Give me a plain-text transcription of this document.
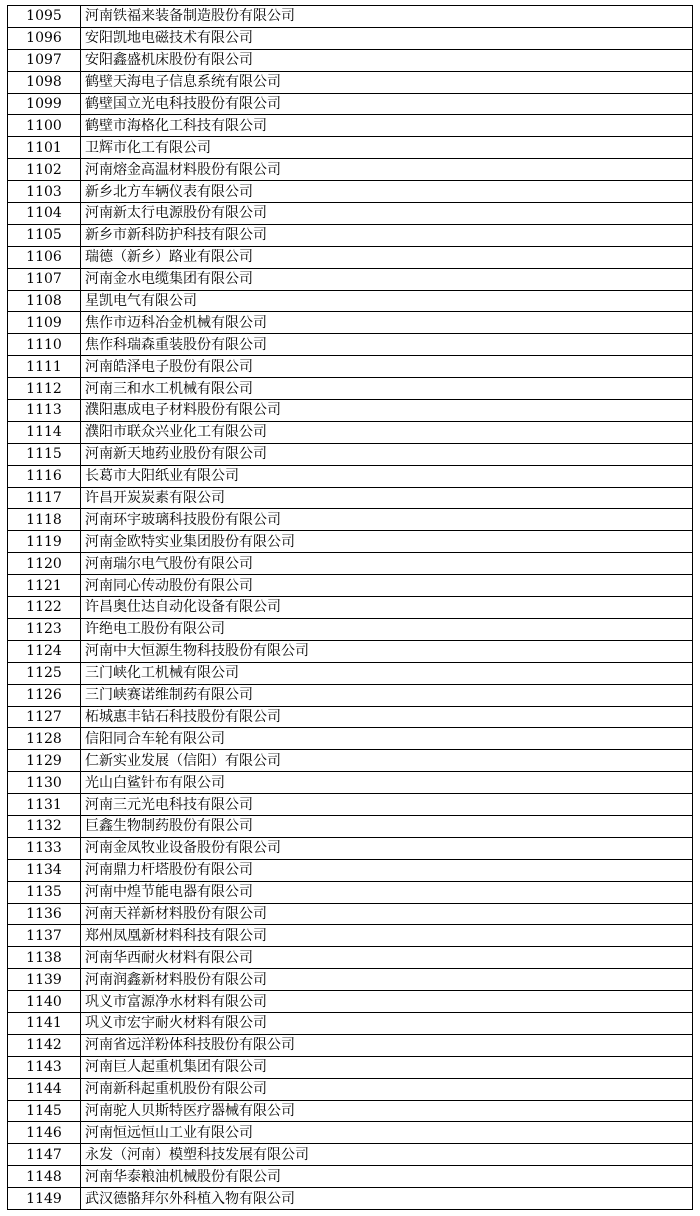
1095	河南铁福来装备制造股份有限公司
1096	安阳凯地电磁技术有限公司
1097	安阳鑫盛机床股份有限公司
1098	鹤壁天海电子信息系统有限公司
1099	鹤壁国立光电科技股份有限公司
1100	鹤壁市海格化工科技有限公司
1101	卫辉市化工有限公司
1102	河南熔金高温材料股份有限公司
1103	新乡北方车辆仪表有限公司
1104	河南新太行电源股份有限公司
1105	新乡市新科防护科技有限公司
1106	瑞德（新乡）路业有限公司
1107	河南金水电缆集团有限公司
1108	星凯电气有限公司
1109	焦作市迈科冶金机械有限公司
1110	焦作科瑞森重装股份有限公司
1111	河南皓泽电子股份有限公司
1112	河南三和水工机械有限公司
1113	濮阳惠成电子材料股份有限公司
1114	濮阳市联众兴业化工有限公司
1115	河南新天地药业股份有限公司
1116	长葛市大阳纸业有限公司
1117	许昌开炭炭素有限公司
1118	河南环宇玻璃科技股份有限公司
1119	河南金欧特实业集团股份有限公司
1120	河南瑞尔电气股份有限公司
1121	河南同心传动股份有限公司
1122	许昌奥仕达自动化设备有限公司
1123	许绝电工股份有限公司
1124	河南中大恒源生物科技股份有限公司
1125	三门峡化工机械有限公司
1126	三门峡赛诺维制药有限公司
1127	柘城惠丰钻石科技股份有限公司
1128	信阳同合车轮有限公司
1129	仁新实业发展（信阳）有限公司
1130	光山白鲨针布有限公司
1131	河南三元光电科技有限公司
1132	巨鑫生物制药股份有限公司
1133	河南金凤牧业设备股份有限公司
1134	河南鼎力杆塔股份有限公司
1135	河南中煌节能电器有限公司
1136	河南天祥新材料股份有限公司
1137	郑州凤凰新材料科技有限公司
1138	河南华西耐火材料有限公司
1139	河南润鑫新材料股份有限公司
1140	巩义市富源净水材料有限公司
1141	巩义市宏宇耐火材料有限公司
1142	河南省远洋粉体科技股份有限公司
1143	河南巨人起重机集团有限公司
1144	河南新科起重机股份有限公司
1145	河南驼人贝斯特医疗器械有限公司
1146	河南恒远恒山工业有限公司
1147	永发（河南）模塑科技发展有限公司
1148	河南华泰粮油机械股份有限公司
1149	武汉德骼拜尔外科植入物有限公司
